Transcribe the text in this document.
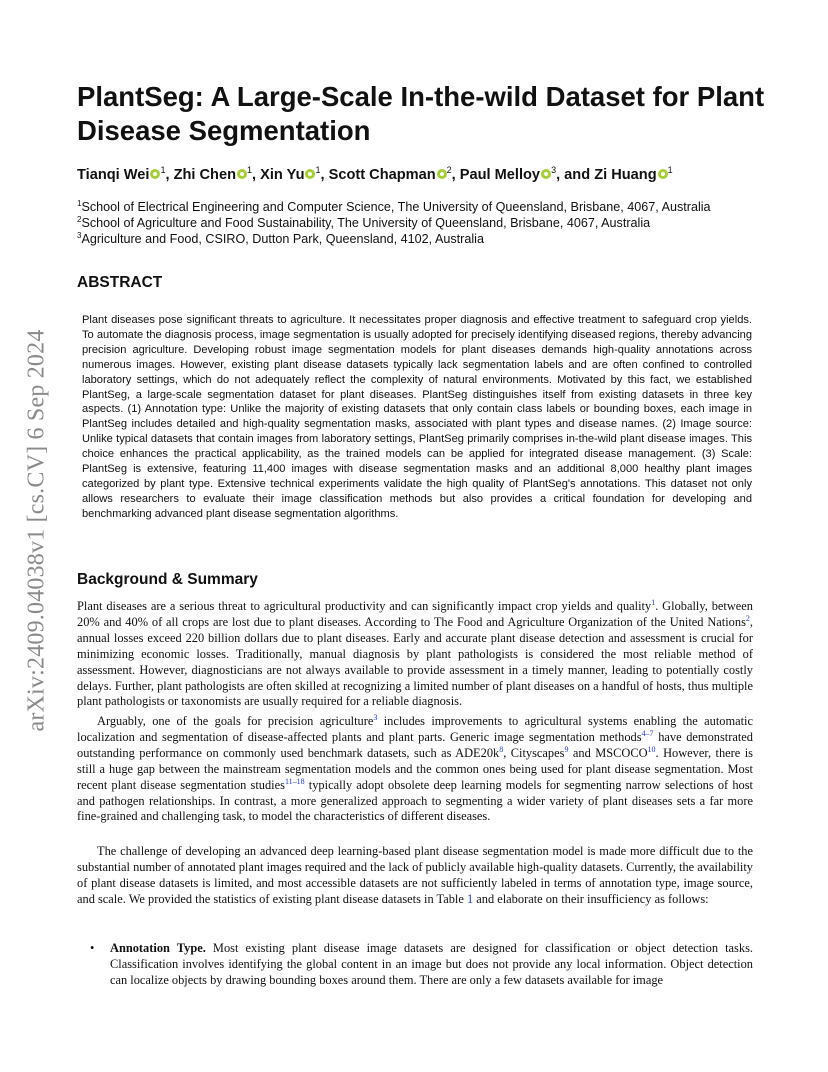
arXiv:2409.04038v1 [cs.CV] 6 Sep 2024
PlantSeg: A Large-Scale In-the-wild Dataset for Plant Disease Segmentation
Tianqi Wei $^1$, Zhi Chen $^1$, Xin Yu $^1$, Scott Chapman $^2$, Paul Melloy $^3$, and Zi Huang $^1$
$^1$School of Electrical Engineering and Computer Science, The University of Queensland, Brisbane, 4067, Australia
$^2$School of Agriculture and Food Sustainability, The University of Queensland, Brisbane, 4067, Australia
$^3$Agriculture and Food, CSIRO, Dutton Park, Queensland, 4102, Australia
ABSTRACT

Plant diseases pose significant threats to agriculture. It necessitates proper diagnosis and effective treatment to safeguard crop yields. To automate the diagnosis process, image segmentation is usually adopted for precisely identifying diseased regions, thereby advancing precision agriculture. Developing robust image segmentation models for plant diseases demands high-quality annotations across numerous images. However, existing plant disease datasets typically lack segmentation labels and are often confined to controlled laboratory settings, which do not adequately reflect the complexity of natural environments. Motivated by this fact, we established PlantSeg, a large-scale segmentation dataset for plant diseases. PlantSeg distinguishes itself from existing datasets in three key aspects. (1) Annotation type: Unlike the majority of existing datasets that only contain class labels or bounding boxes, each image in PlantSeg includes detailed and high-quality segmentation masks, associated with plant types and disease names. (2) Image source: Unlike typical datasets that contain images from laboratory settings, PlantSeg primarily comprises in-the-wild plant disease images. This choice enhances the practical applicability, as the trained models can be applied for integrated disease management. (3) Scale: PlantSeg is extensive, featuring 11,400 images with disease segmentation masks and an additional 8,000 healthy plant images categorized by plant type. Extensive technical experiments validate the high quality of PlantSeg's annotations. This dataset not only allows researchers to evaluate their image classification methods but also provides a critical foundation for developing and benchmarking advanced plant disease segmentation algorithms.

Background & Summary

Plant diseases are a serious threat to agricultural productivity and can significantly impact crop yields and quality$^1$. Globally, between 20% and 40% of all crops are lost due to plant diseases. According to The Food and Agriculture Organization of the United Nations$^2$, annual losses exceed 220 billion dollars due to plant diseases. Early and accurate plant disease detection and assessment is crucial for minimizing economic losses. Traditionally, manual diagnosis by plant pathologists is considered the most reliable method of assessment. However, diagnosticians are not always available to provide assessment in a timely manner, leading to potentially costly delays. Further, plant pathologists are often skilled at recognizing a limited number of plant diseases on a handful of hosts, thus multiple plant pathologists or taxonomists are usually required for a reliable diagnosis.

Arguably, one of the goals for precision agriculture$^3$ includes improvements to agricultural systems enabling the automatic localization and segmentation of disease-affected plants and plant parts. Generic image segmentation methods$^{4-7}$ have demonstrated outstanding performance on commonly used benchmark datasets, such as ADE20k$^8$, Cityscapes$^9$ and MSCOCO$^{10}$. However, there is still a huge gap between the mainstream segmentation models and the common ones being used for plant disease segmentation. Most recent plant disease segmentation studies$^{11-18}$ typically adopt obsolete deep learning models for segmenting narrow selections of host and pathogen relationships. In contrast, a more generalized approach to segmenting a wider variety of plant diseases sets a far more fine-grained and challenging task, to model the characteristics of different diseases.

The challenge of developing an advanced deep learning-based plant disease segmentation model is made more difficult due to the substantial number of annotated plant images required and the lack of publicly available high-quality datasets. Currently, the availability of plant disease datasets is limited, and most accessible datasets are not sufficiently labeled in terms of annotation type, image source, and scale. We provided the statistics of existing plant disease datasets in Table 1 and elaborate on their insufficiency as follows:

• Annotation Type. Most existing plant disease image datasets are designed for classification or object detection tasks. Classification involves identifying the global content in an image but does not provide any local information. Object detection can localize objects by drawing bounding boxes around them. There are only a few datasets available for image
